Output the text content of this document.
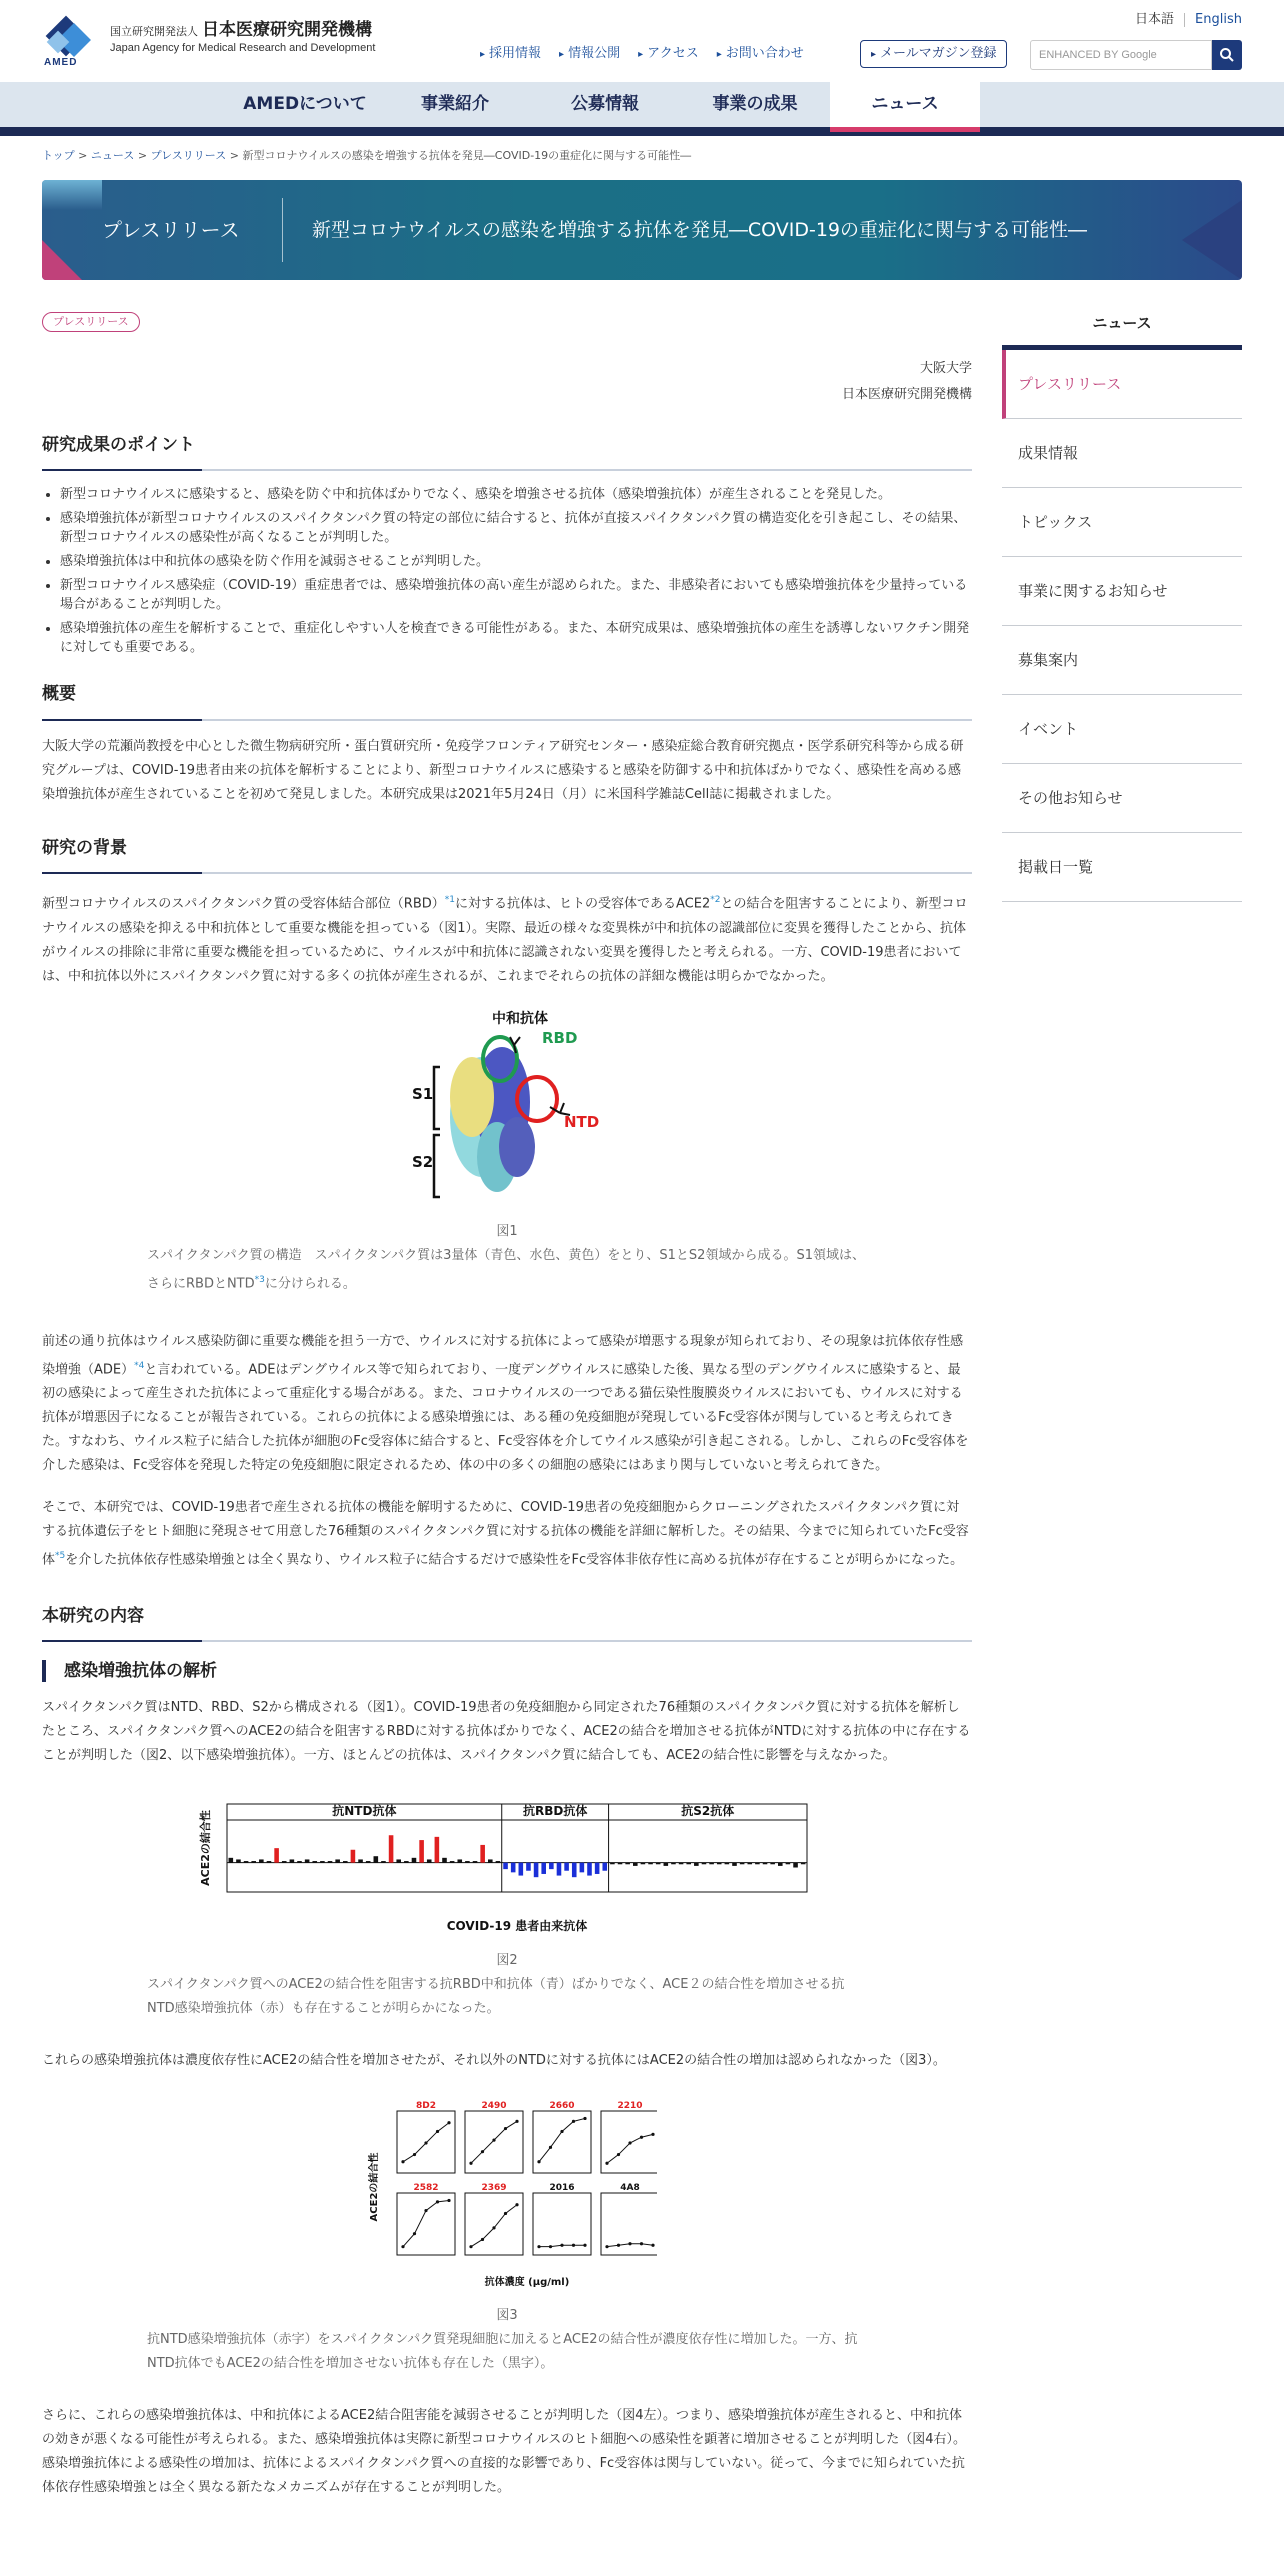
AMED
国立研究開発法人 日本医療研究開発機構
Japan Agency for Medical Research and Development
日本語 English
▸ 採用情報	▸ 情報公開	▸ アクセス	▸ お問い合わせ	▸ メールマガジン登録	ENHANCED BY Google
AMEDについて	事業紹介	公募情報	事業の成果	ニュース
トップ > ニュース > プレスリリース > 新型コロナウイルスの感染を増強する抗体を発見―COVID-19の重症化に関与する可能性―
プレスリリース	新型コロナウイルスの感染を増強する抗体を発見―COVID-19の重症化に関与する可能性―
プレスリリース
大阪大学
日本医療研究開発機構
研究成果のポイント
• 新型コロナウイルスに感染すると、感染を防ぐ中和抗体ばかりでなく、感染を増強させる抗体（感染増強抗体）が産生されることを発見した。
• 感染増強抗体が新型コロナウイルスのスパイクタンパク質の特定の部位に結合すると、抗体が直接スパイクタンパク質の構造変化を引き起こし、その結果、新型コロナウイルスの感染性が高くなることが判明した。
• 感染増強抗体は中和抗体の感染を防ぐ作用を減弱させることが判明した。
• 新型コロナウイルス感染症（COVID-19）重症患者では、感染増強抗体の高い産生が認められた。また、非感染者においても感染増強抗体を少量持っている場合があることが判明した。
• 感染増強抗体の産生を解析することで、重症化しやすい人を検査できる可能性がある。また、本研究成果は、感染増強抗体の産生を誘導しないワクチン開発に対しても重要である。
概要

大阪大学の荒瀬尚教授を中心とした微生物病研究所・蛋白質研究所・免疫学フロンティア研究センター・感染症総合教育研究拠点・医学系研究科等から成る研究グループは、COVID-19患者由来の抗体を解析することにより、新型コロナウイルスに感染すると感染を防御する中和抗体ばかりでなく、感染性を高める感染増強抗体が産生されていることを初めて発見しました。本研究成果は2021年5月24日（月）に米国科学雑誌Cell誌に掲載されました。

研究の背景

新型コロナウイルスのスパイクタンパク質の受容体結合部位（RBD）$^{*1}$に対する抗体は、ヒトの受容体であるACE2$^{*2}$との結合を阻害することにより、新型コロナウイルスの感染を抑える中和抗体として重要な機能を担っている（図1）。実際、最近の様々な変異株が中和抗体の認識部位に変異を獲得したことから、抗体がウイルスの排除に非常に重要な機能を担っているために、ウイルスが中和抗体に認識されない変異を獲得したと考えられる。一方、COVID-19患者においては、中和抗体以外にスパイクタンパク質に対する多くの抗体が産生されるが、これまでそれらの抗体の詳細な機能は明らかでなかった。

中和抗体
RBD
NTD
S1
S2
図1
スパイクタンパク質の構造　スパイクタンパク質は3量体（青色、水色、黄色）をとり、S1とS2領域から成る。S1領域は、さらにRBDとNTD$^{*3}$に分けられる。

前述の通り抗体はウイルス感染防御に重要な機能を担う一方で、ウイルスに対する抗体によって感染が増悪する現象が知られており、その現象は抗体依存性感染増強（ADE）$^{*4}$と言われている。ADEはデングウイルス等で知られており、一度デングウイルスに感染した後、異なる型のデングウイルスに感染すると、最初の感染によって産生された抗体によって重症化する場合がある。また、コロナウイルスの一つである猫伝染性腹膜炎ウイルスにおいても、ウイルスに対する抗体が増悪因子になることが報告されている。これらの抗体による感染増強には、ある種の免疫細胞が発現しているFc受容体が関与していると考えられてきた。すなわち、ウイルス粒子に結合した抗体が細胞のFc受容体に結合すると、Fc受容体を介してウイルス感染が引き起こされる。しかし、これらのFc受容体を介した感染は、Fc受容体を発現した特定の免疫細胞に限定されるため、体の中の多くの細胞の感染にはあまり関与していないと考えられてきた。

そこで、本研究では、COVID-19患者で産生される抗体の機能を解明するために、COVID-19患者の免疫細胞からクローニングされたスパイクタンパク質に対する抗体遺伝子をヒト細胞に発現させて用意した76種類のスパイクタンパク質に対する抗体の機能を詳細に解析した。その結果、今までに知られていたFc受容体$^{*5}$を介した抗体依存性感染増強とは全く異なり、ウイルス粒子に結合するだけで感染性をFc受容体非依存性に高める抗体が存在することが明らかになった。

本研究の内容
感染増強抗体の解析

スパイクタンパク質はNTD、RBD、S2から構成される（図1）。COVID-19患者の免疫細胞から同定された76種類のスパイクタンパク質に対する抗体を解析したところ、スパイクタンパク質へのACE2の結合を阻害するRBDに対する抗体ばかりでなく、ACE2の結合を増加させる抗体がNTDに対する抗体の中に存在することが判明した（図2、以下感染増強抗体）。一方、ほとんどの抗体は、スパイクタンパク質に結合しても、ACE2の結合性に影響を与えなかった。

抗NTD抗体	抗RBD抗体	抗S2抗体
ACE2の結合性
COVID-19 患者由来抗体
図2
スパイクタンパク質へのACE2の結合性を阻害する抗RBD中和抗体（青）ばかりでなく、ACE２の結合性を増加させる抗NTD感染増強抗体（赤）も存在することが明らかになった。

これらの感染増強抗体は濃度依存性にACE2の結合性を増加させたが、それ以外のNTDに対する抗体にはACE2の結合性の増加は認められなかった（図3）。

8D2	2490	2660	2210
2582	2369	2016	4A8
ACE2の結合性
抗体濃度 (μg/ml)
図3
抗NTD感染増強抗体（赤字）をスパイクタンパク質発現細胞に加えるとACE2の結合性が濃度依存性に増加した。一方、抗NTD抗体でもACE2の結合性を増加させない抗体も存在した（黒字）。

さらに、これらの感染増強抗体は、中和抗体によるACE2結合阻害能を減弱させることが判明した（図4左）。つまり、感染増強抗体が産生されると、中和抗体の効きが悪くなる可能性が考えられる。また、感染増強抗体は実際に新型コロナウイルスのヒト細胞への感染性を顕著に増加させることが判明した（図4右）。感染増強抗体による感染性の増加は、抗体によるスパイクタンパク質への直接的な影響であり、Fc受容体は関与していない。従って、今までに知られていた抗体依存性感染増強とは全く異なる新たなメカニズムが存在することが判明した。

ニュース
プレスリリース
成果情報
トピックス
事業に関するお知らせ
募集案内
イベント
その他お知らせ
掲載日一覧
